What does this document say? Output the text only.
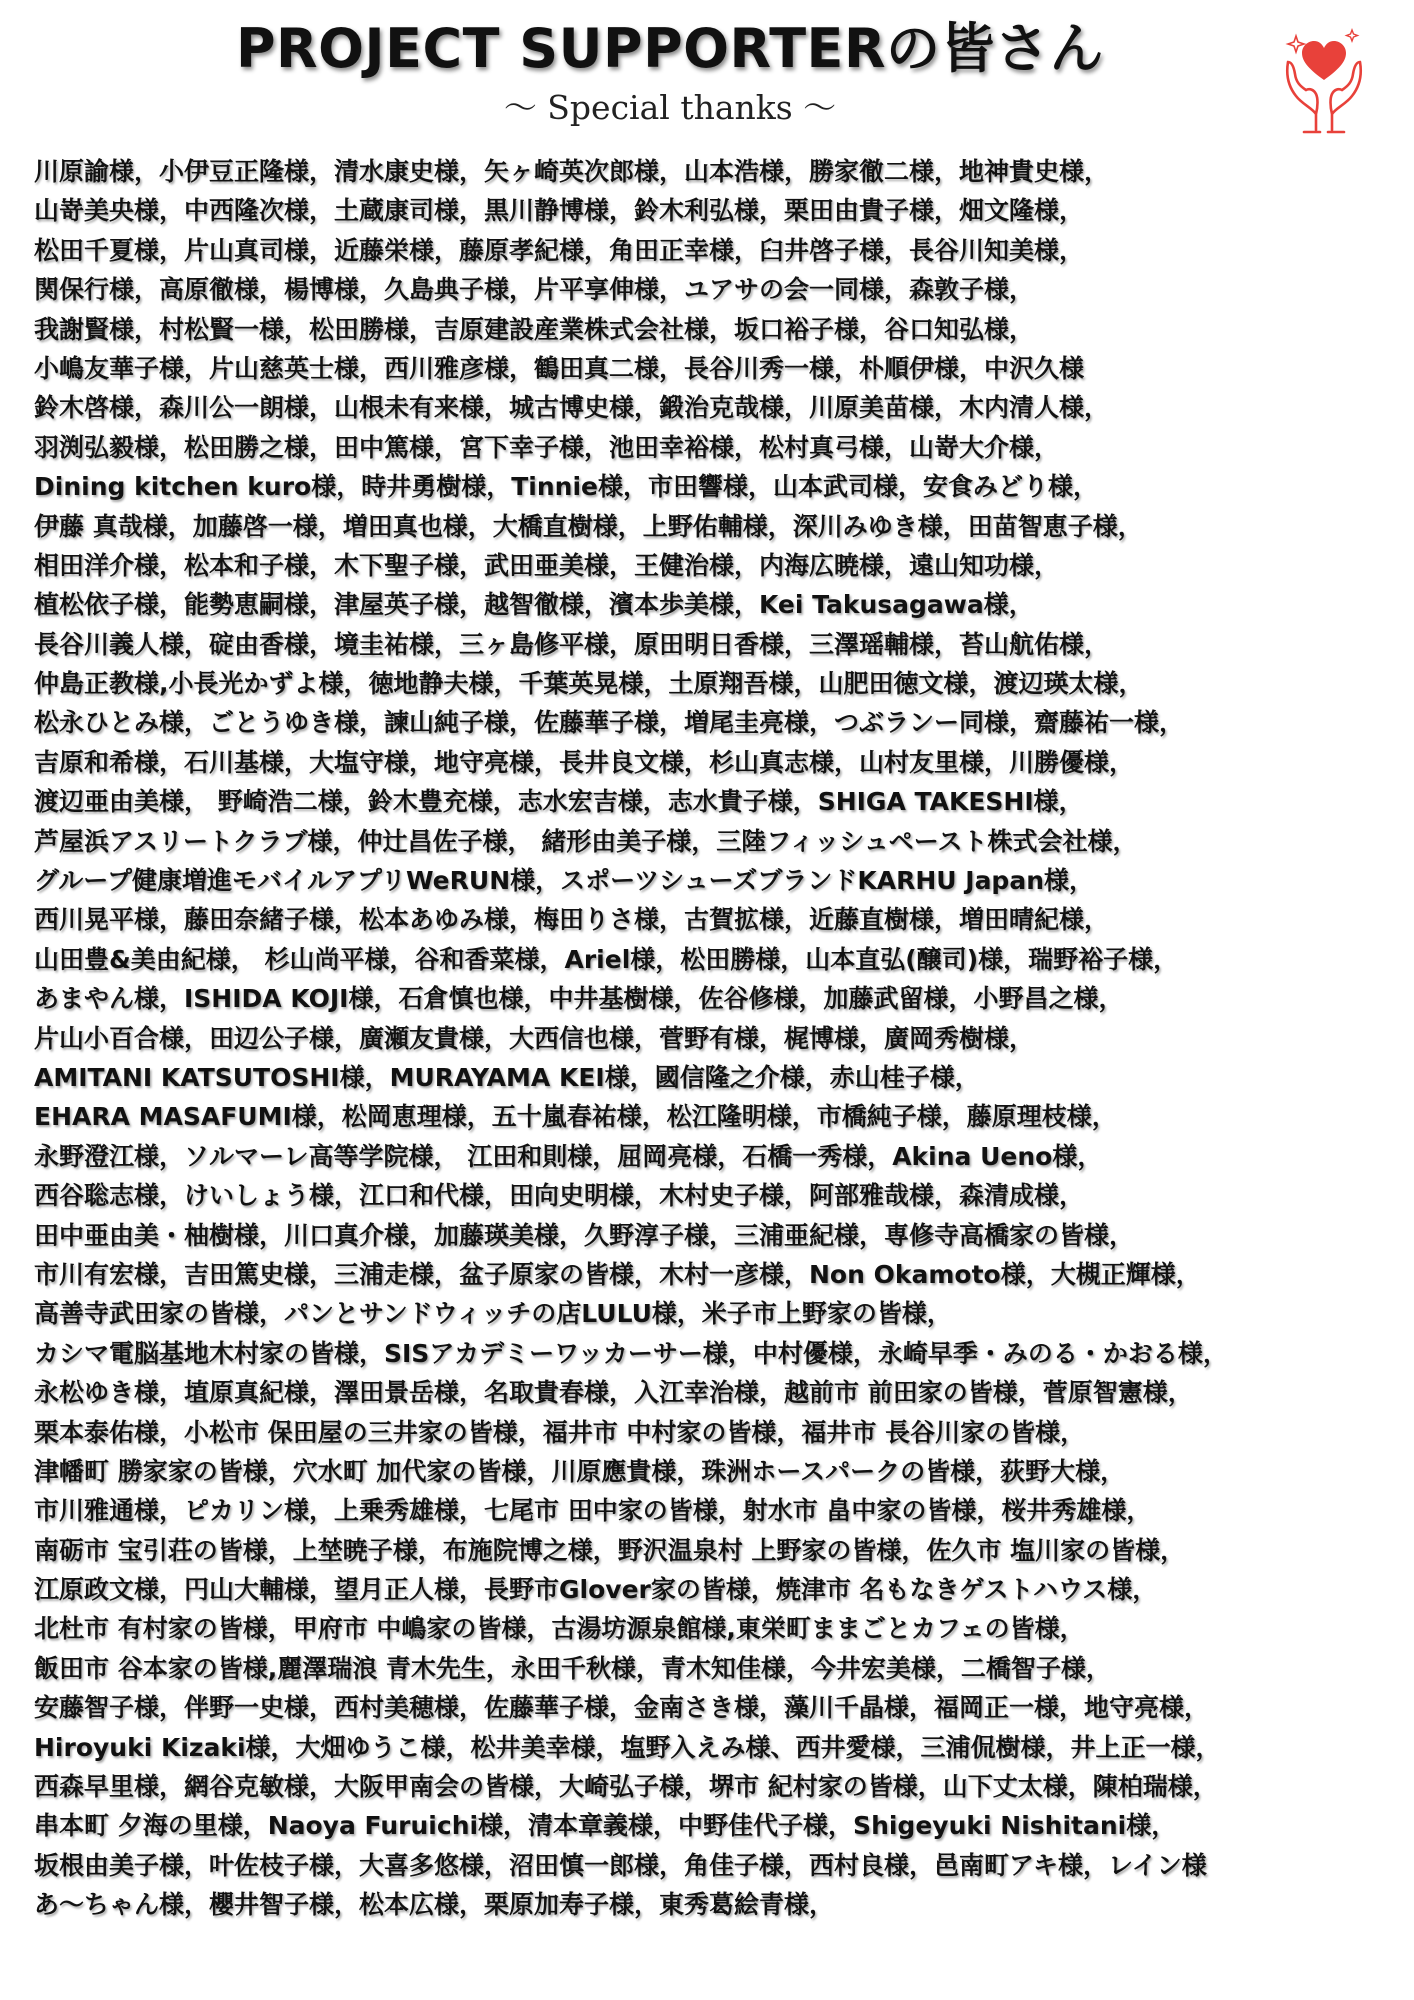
PROJECT SUPPORTERの皆さん
～ Special thanks ～
川原諭様，小伊豆正隆様，清水康史様，矢ヶ崎英次郎様，山本浩様，勝家徹二様，地神貴史様，
山嵜美央様，中西隆次様，土蔵康司様，黒川静博様，鈴木利弘様，栗田由貴子様，畑文隆様，
松田千夏様，片山真司様，近藤栄様，藤原孝紀様，角田正幸様，臼井啓子様，長谷川知美様，
関保行様，高原徹様，楊博様，久島典子様，片平享伸様，ユアサの会一同様，森敦子様，
我謝賢様，村松賢一様，松田勝様，吉原建設産業株式会社様，坂口裕子様，谷口知弘様，
小嶋友華子様，片山慈英士様，西川雅彦様，鶴田真二様，長谷川秀一様，朴順伊様，中沢久様
鈴木啓様，森川公一朗様，山根未有来様，城古博史様，鍛治克哉様，川原美苗様，木内清人様，
羽渕弘毅様，松田勝之様，田中篤様，宮下幸子様，池田幸裕様，松村真弓様，山嵜大介様，
Dining kitchen kuro様，時井勇樹様，Tinnie様，市田響様，山本武司様，安食みどり様，
伊藤 真哉様，加藤啓一様，増田真也様，大橋直樹様，上野佑輔様，深川みゆき様，田苗智恵子様，
相田洋介様，松本和子様，木下聖子様，武田亜美様，王健治様，内海広暁様，遠山知功様，
植松依子様，能勢恵嗣様，津屋英子様，越智徹様，濱本歩美様，Kei Takusagawa様，
長谷川義人様，碇由香様，境圭祐様，三ヶ島修平様，原田明日香様，三澤瑶輔様，苔山航佑様，
仲島正教様,小長光かずよ様，徳地静夫様，千葉英晃様，土原翔吾様，山肥田徳文様，渡辺瑛太様，
松永ひとみ様，ごとうゆき様，諫山純子様，佐藤華子様，増尾圭亮様，つぶランー同様，齋藤祐一様，
吉原和希様，石川基様，大塩守様，地守亮様，長井良文様，杉山真志様，山村友里様，川勝優様，
渡辺亜由美様， 野崎浩二様，鈴木豊充様，志水宏吉様，志水貴子様，SHIGA TAKESHI様，
芦屋浜アスリートクラブ様，仲辻昌佐子様， 緒形由美子様，三陸フィッシュペースト株式会社様，
グループ健康増進モバイルアプリWeRUN様，スポーツシューズブランドKARHU Japan様，
西川晃平様，藤田奈緒子様，松本あゆみ様，梅田りさ様，古賀拡様，近藤直樹様，増田晴紀様，
山田豊&美由紀様， 杉山尚平様，谷和香菜様，Ariel様，松田勝様，山本直弘(醸司)様，瑞野裕子様，
あまやん様，ISHIDA KOJI様，石倉慎也様，中井基樹様，佐谷修様，加藤武留様，小野昌之様，
片山小百合様，田辺公子様，廣瀬友貴様，大西信也様，菅野有様，梶博様，廣岡秀樹様，
AMITANI KATSUTOSHI様，MURAYAMA KEI様，國信隆之介様，赤山桂子様，
EHARA MASAFUMI様，松岡恵理様，五十嵐春祐様，松江隆明様，市橋純子様，藤原理枝様，
永野澄江様，ソルマーレ高等学院様， 江田和則様，屈岡亮様，石橋一秀様，Akina Ueno様，
西谷聡志様，けいしょう様，江口和代様，田向史明様，木村史子様，阿部雅哉様，森清成様，
田中亜由美・柚樹様，川口真介様，加藤瑛美様，久野淳子様，三浦亜紀様，専修寺高橋家の皆様，
市川有宏様，吉田篤史様，三浦走様，盆子原家の皆様，木村一彦様，Non Okamoto様，大槻正輝様，
高善寺武田家の皆様，パンとサンドウィッチの店LULU様，米子市上野家の皆様，
カシマ電脳基地木村家の皆様，SISアカデミーワッカーサー様，中村優様，永崎早季・みのる・かおる様，
永松ゆき様，埴原真紀様，澤田景岳様，名取貴春様，入江幸治様，越前市 前田家の皆様，菅原智憲様，
栗本泰佑様，小松市 保田屋の三井家の皆様，福井市 中村家の皆様，福井市 長谷川家の皆様，
津幡町 勝家家の皆様，穴水町 加代家の皆様，川原應貴様，珠洲ホースパークの皆様，荻野大様，
市川雅通様，ピカリン様，上乗秀雄様，七尾市 田中家の皆様，射水市 畠中家の皆様，桜井秀雄様，
南砺市 宝引荘の皆様，上埜暁子様，布施院博之様，野沢温泉村 上野家の皆様，佐久市 塩川家の皆様，
江原政文様，円山大輔様，望月正人様，長野市Glover家の皆様，焼津市 名もなきゲストハウス様，
北杜市 有村家の皆様，甲府市 中嶋家の皆様，古湯坊源泉館様,東栄町ままごとカフェの皆様，
飯田市 谷本家の皆様,麗澤瑞浪 青木先生，永田千秋様，青木知佳様，今井宏美様，二橋智子様，
安藤智子様，伴野一史様，西村美穂様，佐藤華子様，金南さき様，藻川千晶様，福岡正一様，地守亮様，
Hiroyuki Kizaki様，大畑ゆうこ様，松井美幸様，塩野入えみ様、西井愛様，三浦侃樹様，井上正一様，
西森早里様，網谷克敏様，大阪甲南会の皆様，大崎弘子様，堺市 紀村家の皆様，山下丈太様，陳柏瑞様，
串本町 夕海の里様，Naoya Furuichi様，清本章義様，中野佳代子様，Shigeyuki Nishitani様，
坂根由美子様，叶佐枝子様，大喜多悠様，沼田慎一郎様，角佳子様，西村良様，邑南町アキ様，レイン様
あ～ちゃん様，櫻井智子様，松本広様，栗原加寿子様，東秀葛絵青様，
